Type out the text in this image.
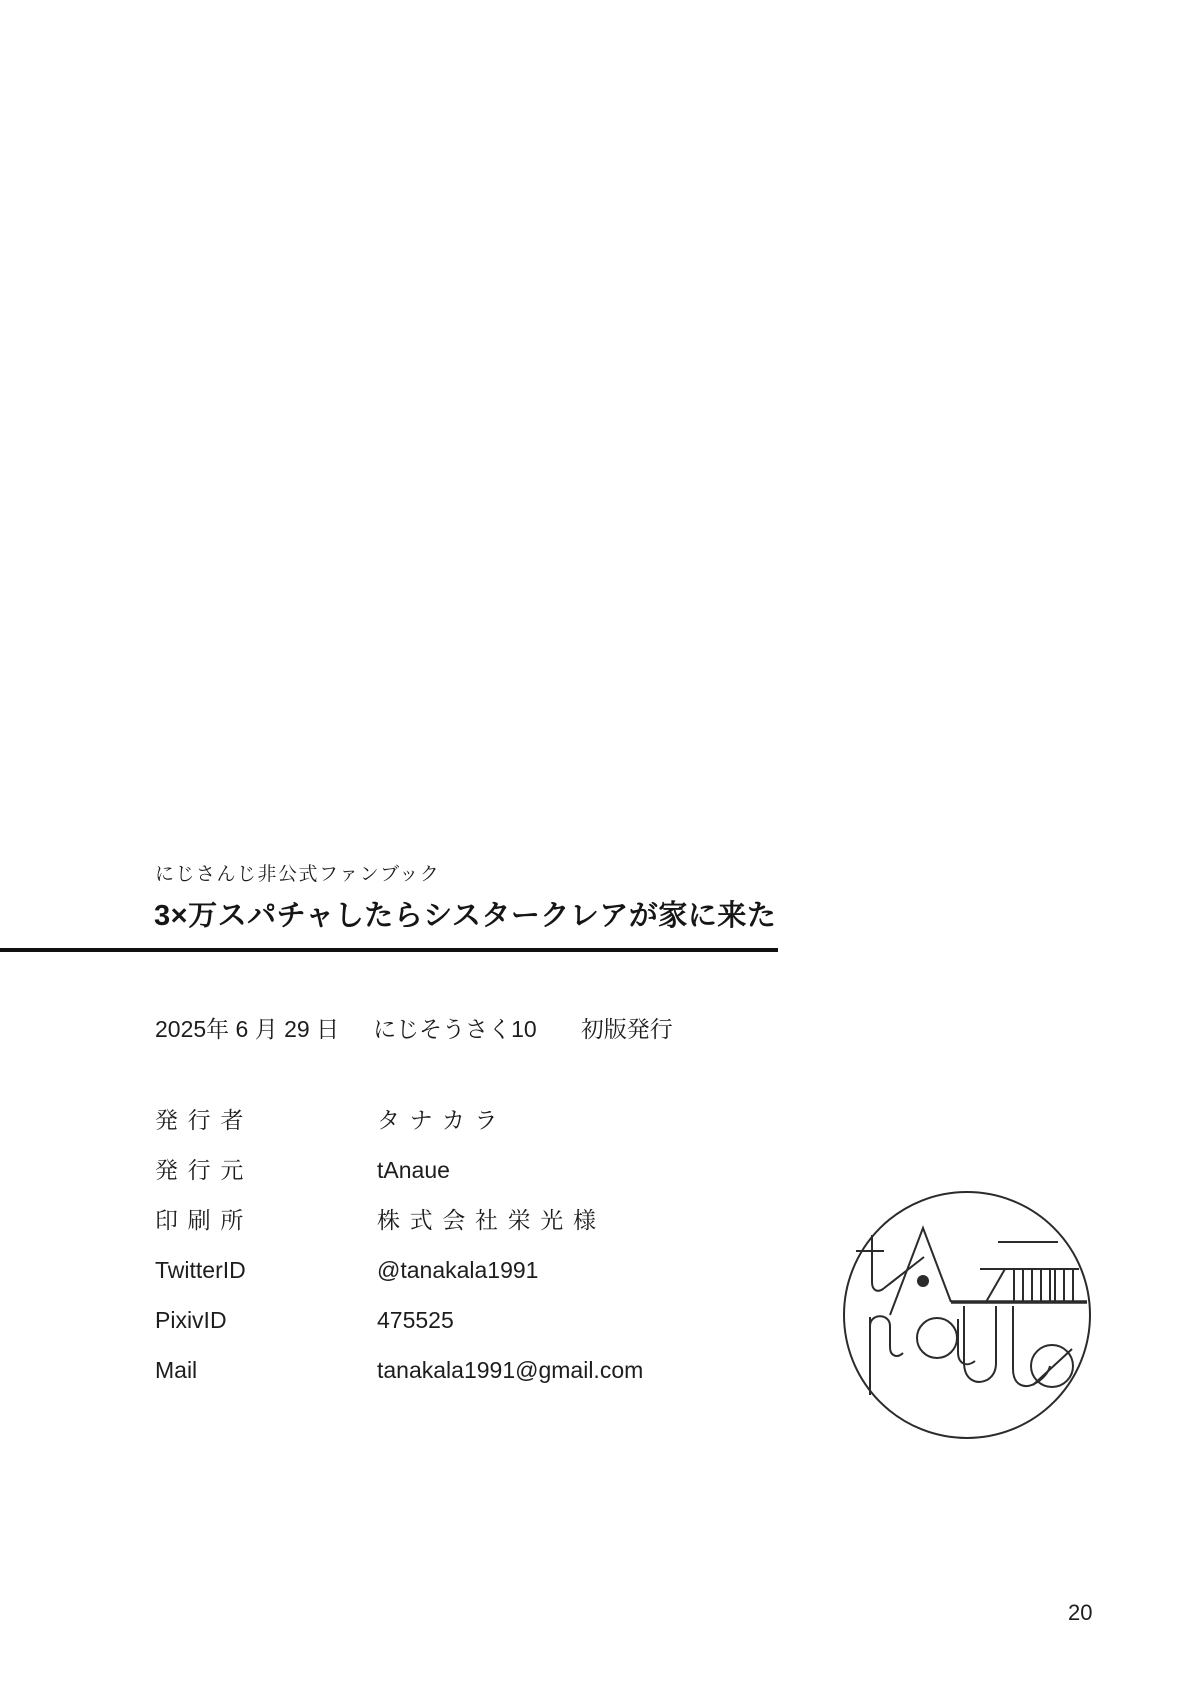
にじさんじ非公式ファンブック
3×万スパチャしたらシスタークレアが家に来た
2025年 6 月 29 日 にじそうさく10 初版発行
発行者	タナカラ
発行元	tAnaue
印刷所	株式会社栄光様
TwitterID	@tanakala1991
PixivID	475525
Mail	tanakala1991@gmail.com
20
